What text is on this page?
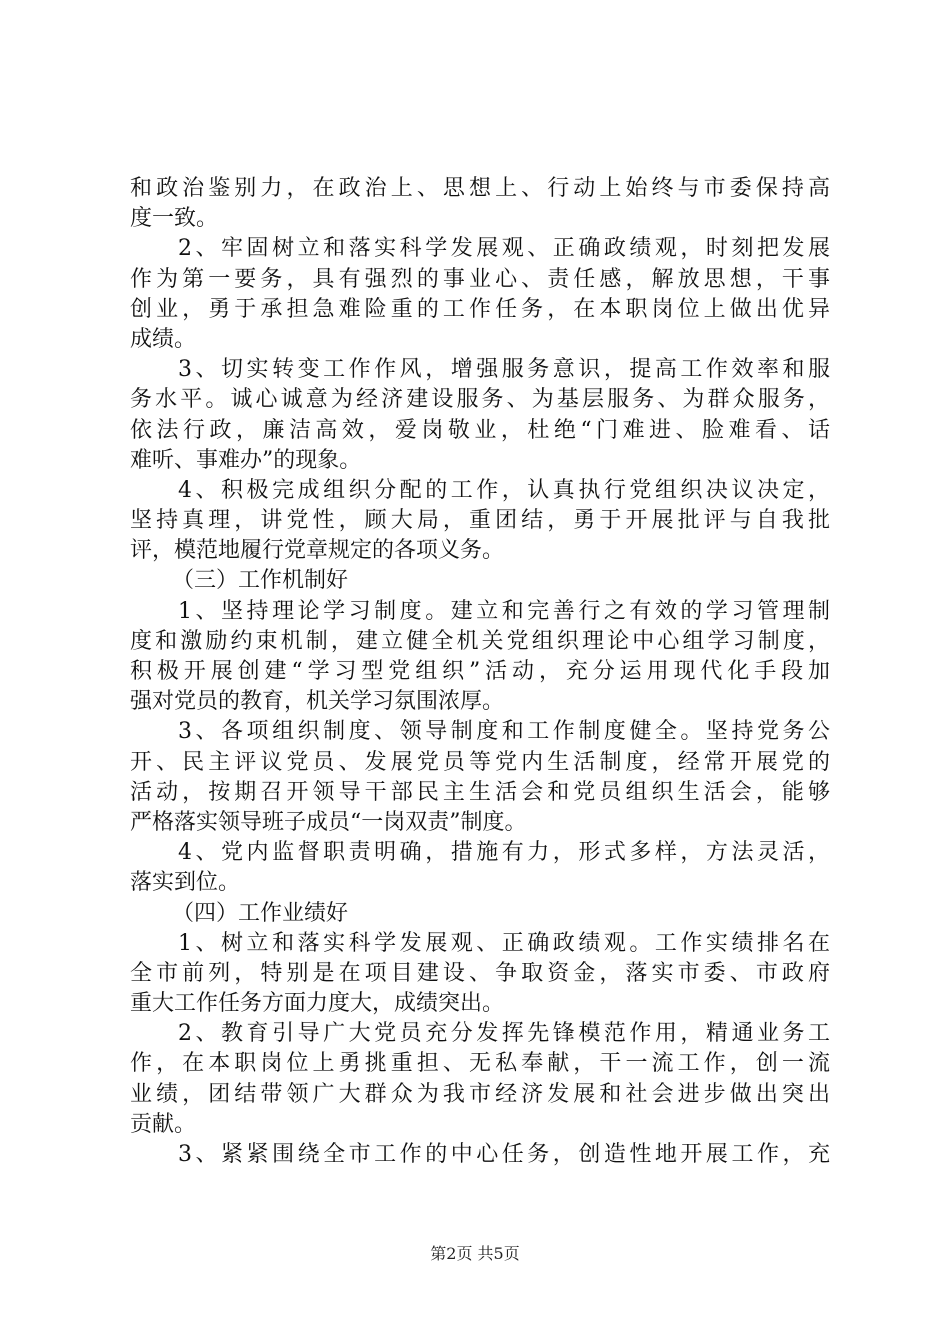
和政治鉴别力，在政治上、思想上、行动上始终与市委保持高
度一致。
2、牢固树立和落实科学发展观、正确政绩观，时刻把发展
作为第一要务，具有强烈的事业心、责任感，解放思想，干事
创业，勇于承担急难险重的工作任务，在本职岗位上做出优异
成绩。
3、切实转变工作作风，增强服务意识，提高工作效率和服
务水平。诚心诚意为经济建设服务、为基层服务、为群众服务，
依法行政，廉洁高效，爱岗敬业，杜绝“门难进、脸难看、话
难听、事难办”的现象。
4、积极完成组织分配的工作，认真执行党组织决议决定，
坚持真理，讲党性，顾大局，重团结，勇于开展批评与自我批
评，模范地履行党章规定的各项义务。
（三）工作机制好
1、坚持理论学习制度。建立和完善行之有效的学习管理制
度和激励约束机制，建立健全机关党组织理论中心组学习制度，
积极开展创建“学习型党组织”活动，充分运用现代化手段加
强对党员的教育，机关学习氛围浓厚。
3、各项组织制度、领导制度和工作制度健全。坚持党务公
开、民主评议党员、发展党员等党内生活制度，经常开展党的
活动，按期召开领导干部民主生活会和党员组织生活会，能够
严格落实领导班子成员“一岗双责”制度。
4、党内监督职责明确，措施有力，形式多样，方法灵活，
落实到位。
（四）工作业绩好
1、树立和落实科学发展观、正确政绩观。工作实绩排名在
全市前列，特别是在项目建设、争取资金，落实市委、市政府
重大工作任务方面力度大，成绩突出。
2、教育引导广大党员充分发挥先锋模范作用，精通业务工
作，在本职岗位上勇挑重担、无私奉献，干一流工作，创一流
业绩，团结带领广大群众为我市经济发展和社会进步做出突出
贡献。
3、紧紧围绕全市工作的中心任务，创造性地开展工作，充
第2页 共5页
